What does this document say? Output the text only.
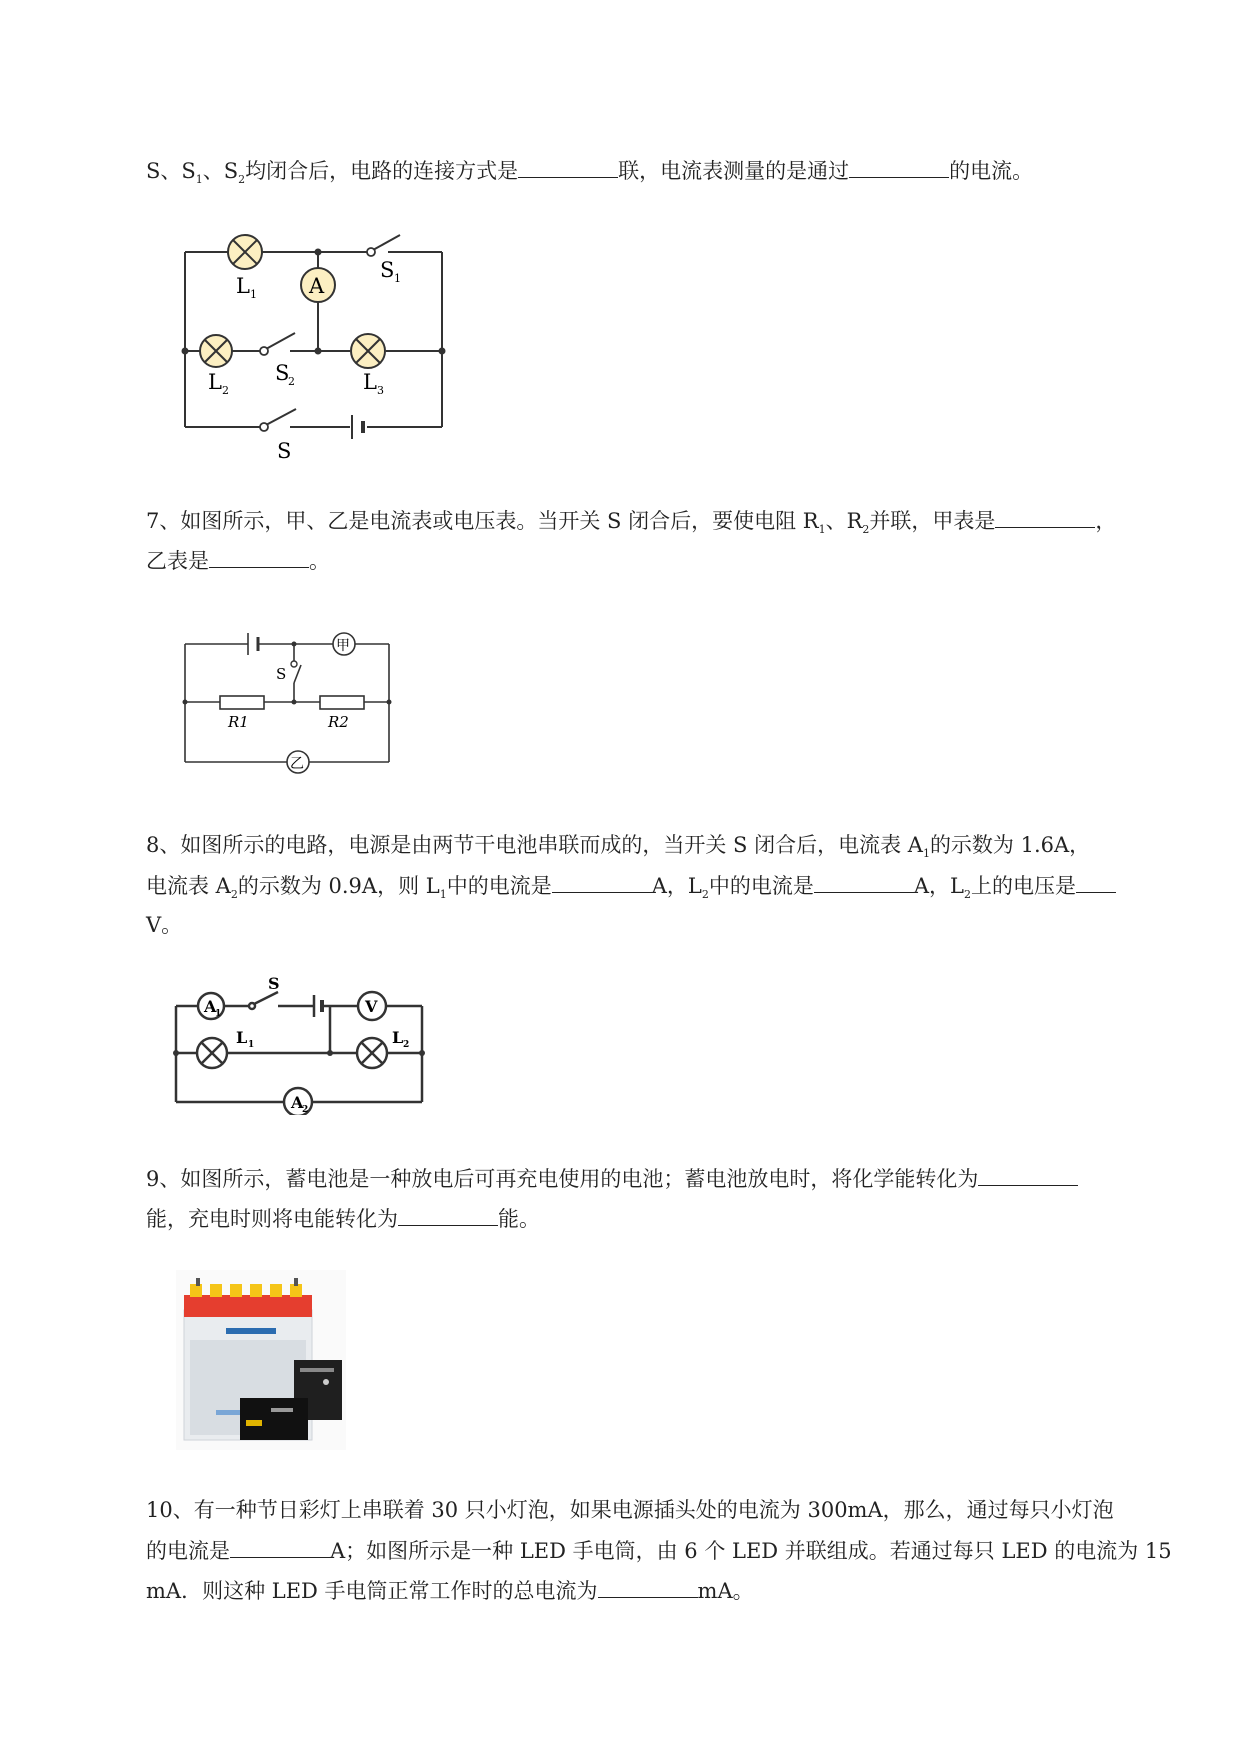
S、$S_1$、$S_2$均闭合后，电路的连接方式是	联，电流表测量的是通过	的电流。
A
L 1
L 2	L 3
S 1
S
2
S
7、如图所示，甲、乙是电流表或电压表。当开关 S 闭合后，要使电阻 $R_1$、$R_2$并联，甲表是	，
乙表是	。
甲
乙
S
R1	R2
8、如图所示的电路，电源是由两节干电池串联而成的，当开关 S 闭合后，电流表 $A_1$的示数为 1.6A，
电流表 $A_2$的示数为 0.9A，则 $L_1$中的电流是	A，$L_2$中的电流是	A，$L_2$上的电压是
V。
A
1	V
A
2
S
L 1	L 2
9、如图所示，蓄电池是一种放电后可再充电使用的电池；蓄电池放电时，将化学能转化为
能，充电时则将电能转化为	能。
10、有一种节日彩灯上串联着 30 只小灯泡，如果电源插头处的电流为 300mA，那么，通过每只小灯泡
的电流是	A；如图所示是一种 LED 手电筒，由 6 个 LED 并联组成。若通过每只 LED 的电流为 15
mA．则这种 LED 手电筒正常工作时的总电流为	mA。
